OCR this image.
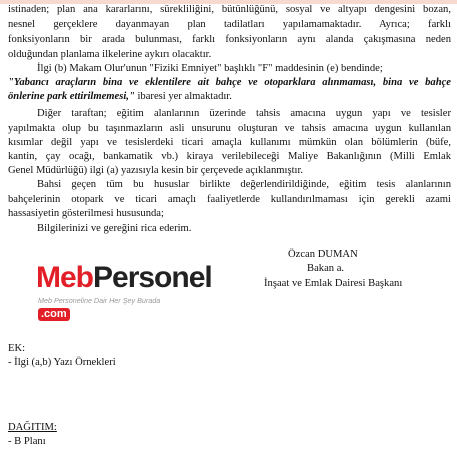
istinaden; plan ana kararlarını, sürekliliğini, bütünlüğünü, sosyal ve altyapı dengesini bozan,
nesnel gerçeklere dayanmayan plan tadilatları yapılamamaktadır. Ayrıca; farklı
fonksiyonların bir arada bulunması, farklı fonksiyonların aynı alanda çakışmasına neden
olduğundan planlama ilkelerine aykırı olacaktır.
İlgi (b) Makam Olur'unun "Fiziki Emniyet" başlıklı "F" maddesinin (e) bendinde;
"Yabancı araçların bina ve eklentilere ait bahçe ve otoparklara alınmaması, bina ve bahçe
önlerine park ettirilmemesi," ibaresi yer almaktadır.
Diğer taraftan; eğitim alanlarının üzerinde tahsis amacına uygun yapı ve tesisler
yapılmakta olup bu taşınmazların asli unsurunu oluşturan ve tahsis amacına uygun kullanılan
kısımlar değil yapı ve tesislerdeki ticari amaçla kullanımı mümkün olan bölümlerin (büfe,
kantin, çay ocağı, bankamatik vb.) kiraya verilebileceği Maliye Bakanlığının (Milli Emlak
Genel Müdürlüğü) ilgi (a) yazısıyla kesin bir çerçevede açıklanmıştır.
Bahsi geçen tüm bu hususlar birlikte değerlendirildiğinde, eğitim tesis alanlarının
bahçelerinin otopark ve ticari amaçlı faaliyetlerde kullandırılmaması için gerekli azami
hassasiyetin gösterilmesi hususunda;
Bilgilerinizi ve gereğini rica ederim.
Özcan DUMAN
Bakan a.
İnşaat ve Emlak Dairesi Başkanı
MebPersonel.com
Meb Personeline Dair Her Şey Burada
EK:
- İlgi (a,b) Yazı Örnekleri
DAĞITIM:
- B Planı
